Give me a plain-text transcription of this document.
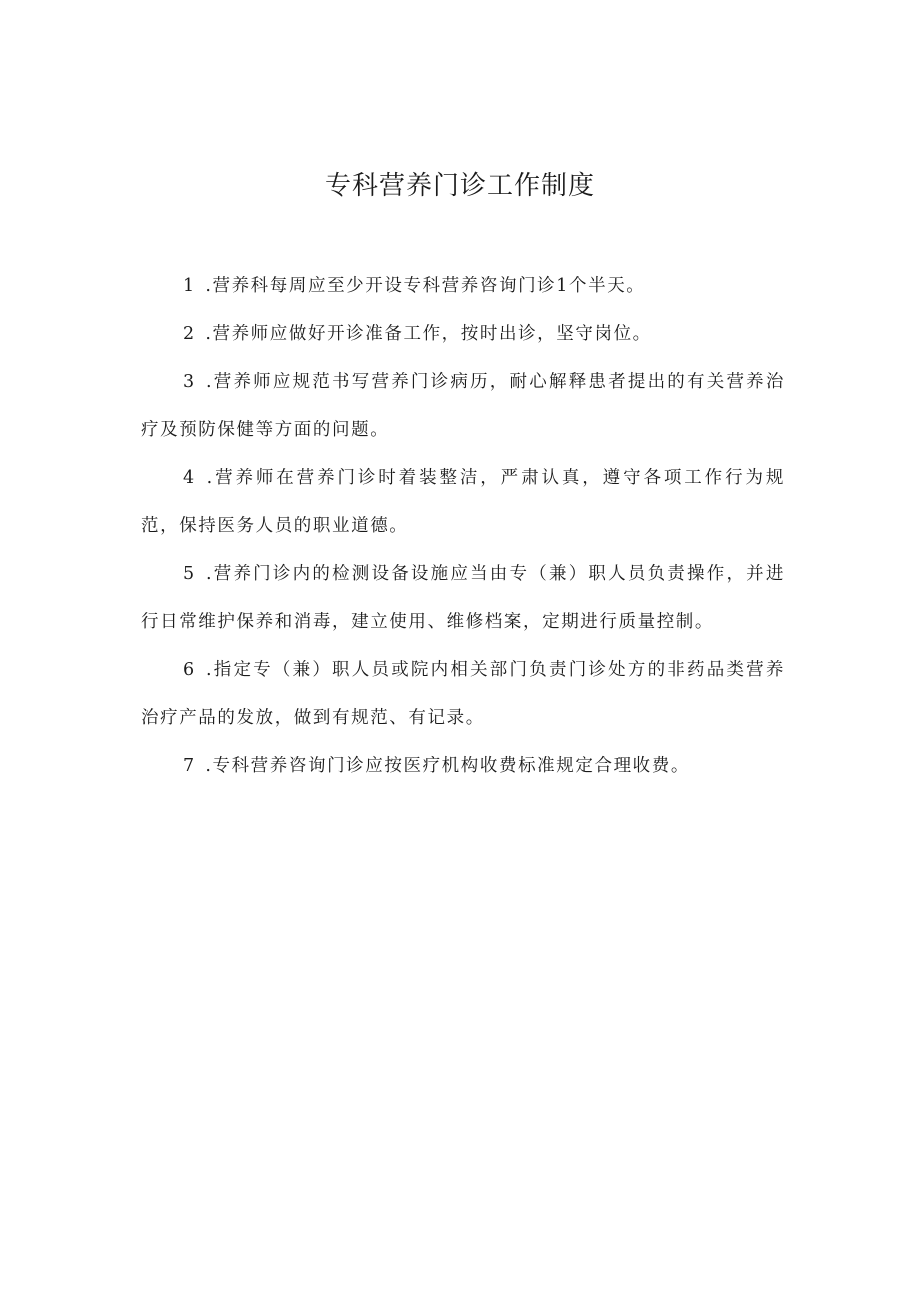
专科营养门诊工作制度

1 .营养科每周应至少开设专科营养咨询门诊1个半天。

2 .营养师应做好开诊准备工作，按时出诊，坚守岗位。

3 .营养师应规范书写营养门诊病历，耐心解释患者提出的有关营养治疗及预防保健等方面的问题。

4 .营养师在营养门诊时着装整洁，严肃认真，遵守各项工作行为规范，保持医务人员的职业道德。

5 .营养门诊内的检测设备设施应当由专（兼）职人员负责操作，并进行日常维护保养和消毒，建立使用、维修档案，定期进行质量控制。

6 .指定专（兼）职人员或院内相关部门负责门诊处方的非药品类营养治疗产品的发放，做到有规范、有记录。

7 .专科营养咨询门诊应按医疗机构收费标准规定合理收费。
